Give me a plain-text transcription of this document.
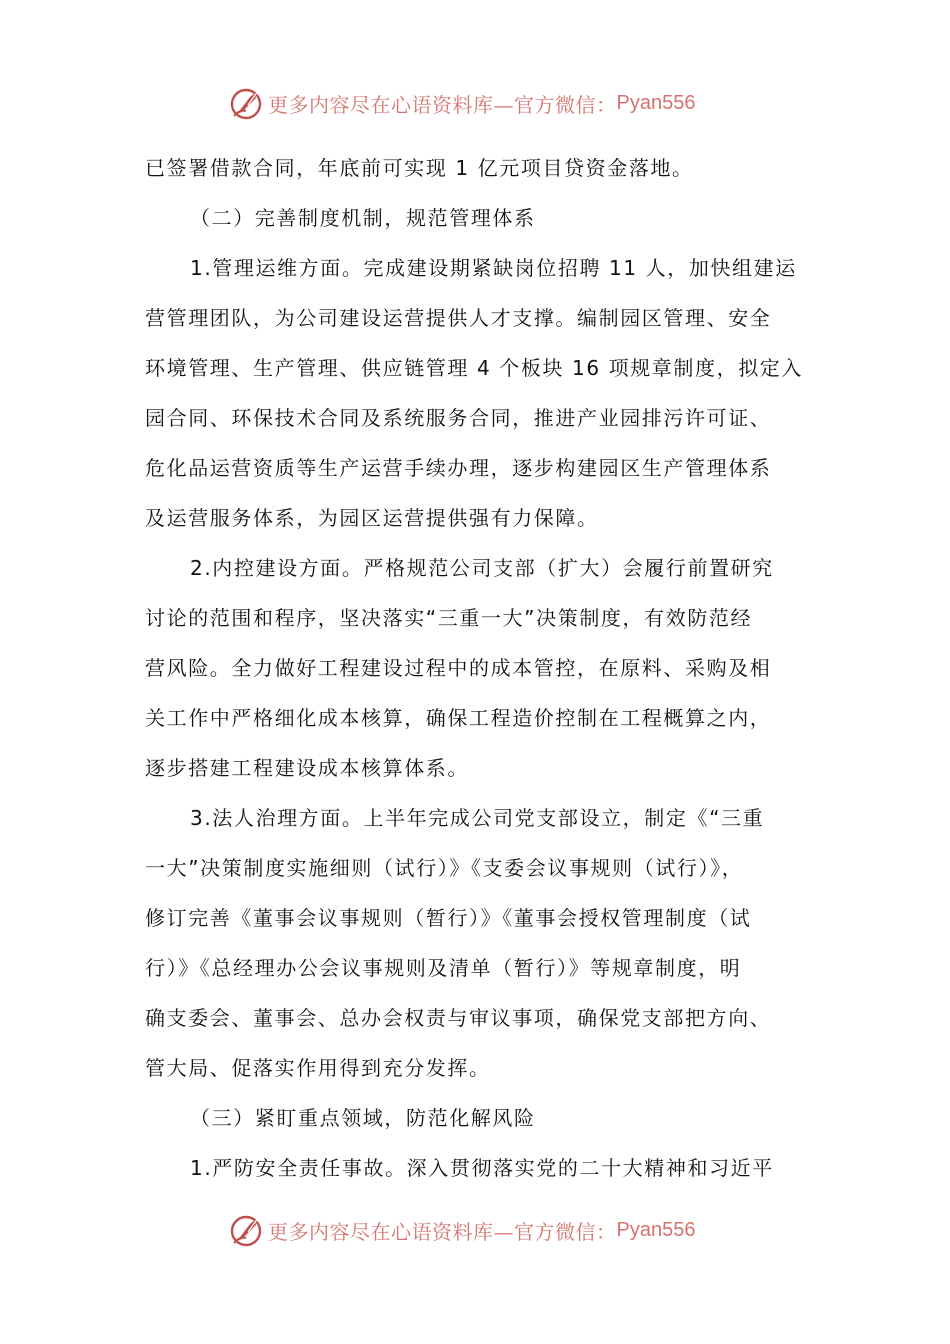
更多内容尽在心语资料库—官方微信： Pyan556
已签署借款合同，年底前可实现 1 亿元项目贷资金落地。
（二）完善制度机制，规范管理体系
1.管理运维方面。完成建设期紧缺岗位招聘 11 人，加快组建运
营管理团队，为公司建设运营提供人才支撑。编制园区管理、安全
环境管理、生产管理、供应链管理 4 个板块 16 项规章制度，拟定入
园合同、环保技术合同及系统服务合同，推进产业园排污许可证、
危化品运营资质等生产运营手续办理，逐步构建园区生产管理体系
及运营服务体系，为园区运营提供强有力保障。
2.内控建设方面。严格规范公司支部（扩大）会履行前置研究
讨论的范围和程序，坚决落实“三重一大”决策制度，有效防范经
营风险。全力做好工程建设过程中的成本管控，在原料、采购及相
关工作中严格细化成本核算，确保工程造价控制在工程概算之内，
逐步搭建工程建设成本核算体系。
3.法人治理方面。上半年完成公司党支部设立，制定《“三重
一大”决策制度实施细则（试行）》《支委会议事规则（试行）》，
修订完善《董事会议事规则（暂行）》《董事会授权管理制度（试
行）》《总经理办公会议事规则及清单（暂行）》等规章制度，明
确支委会、董事会、总办会权责与审议事项，确保党支部把方向、
管大局、促落实作用得到充分发挥。
（三）紧盯重点领域，防范化解风险
1.严防安全责任事故。深入贯彻落实党的二十大精神和习近平
更多内容尽在心语资料库—官方微信： Pyan556
